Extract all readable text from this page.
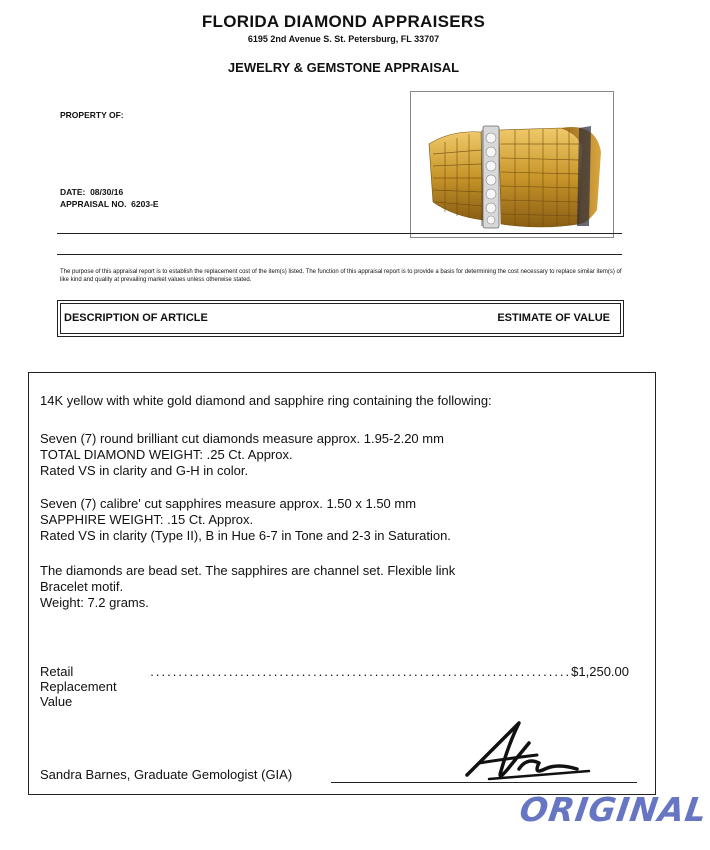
FLORIDA DIAMOND APPRAISERS
6195 2nd Avenue S. St. Petersburg, FL 33707
JEWELRY & GEMSTONE APPRAISAL
PROPERTY OF:
DATE: 08/30/16
APPRAISAL NO. 6203-E
The purpose of this appraisal report is to establish the replacement cost of the item(s) listed. The function of this appraisal report is to provide a basis for determining the cost necessary to replace similar item(s) of like kind and quality at prevailing market values unless otherwise stated.
DESCRIPTION OF ARTICLE	ESTIMATE OF VALUE
14K yellow with white gold diamond and sapphire ring containing the following:
Seven (7) round brilliant cut diamonds measure approx. 1.95-2.20 mm
TOTAL DIAMOND WEIGHT: .25 Ct. Approx.
Rated VS in clarity and G-H in color.
Seven (7) calibre' cut sapphires measure approx. 1.50 x 1.50 mm
SAPPHIRE WEIGHT: .15 Ct. Approx.
Rated VS in clarity (Type II), B in Hue 6-7 in Tone and 2-3 in Saturation.
The diamonds are bead set. The sapphires are channel set. Flexible link
Bracelet motif.
Weight: 7.2 grams.
Retail Replacement Value
........................................................................... $1,250.00
Sandra Barnes, Graduate Gemologist (GIA)
ORIGINAL
